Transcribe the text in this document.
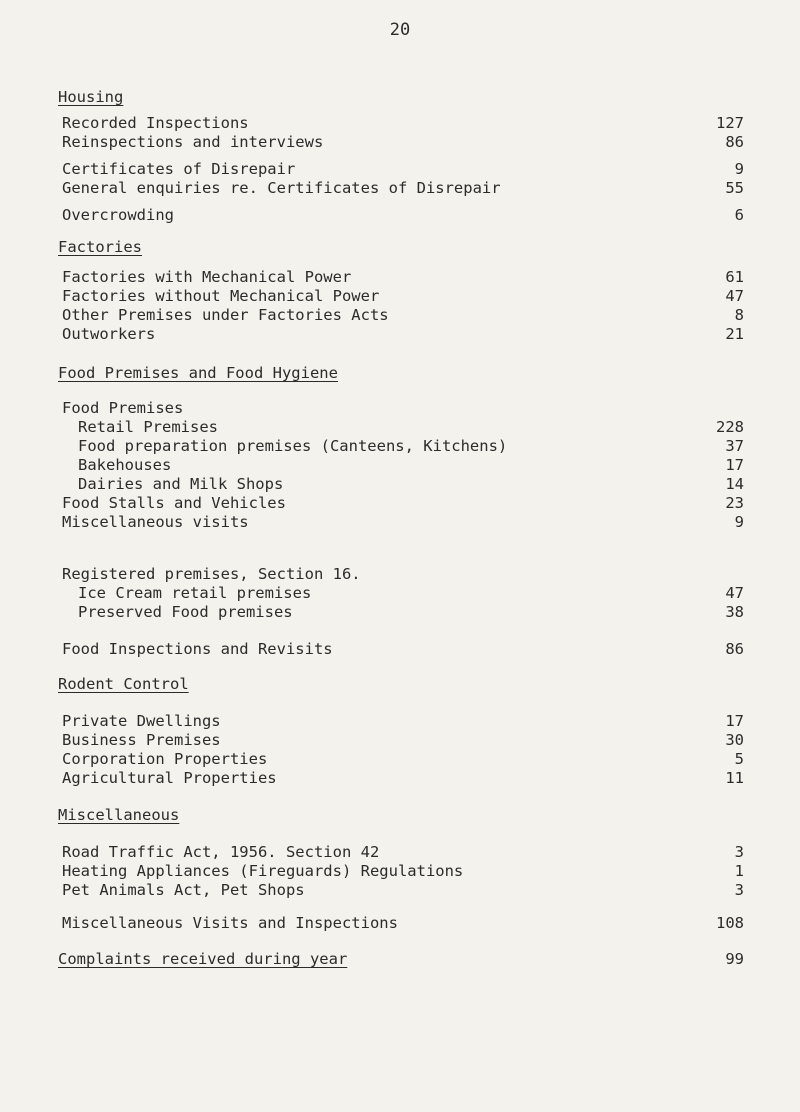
20
Housing
Recorded Inspections	127
Reinspections and interviews	86
Certificates of Disrepair	9
General enquiries re. Certificates of Disrepair	55
Overcrowding	6
Factories
Factories with Mechanical Power	61
Factories without Mechanical Power	47
Other Premises under Factories Acts	8
Outworkers	21
Food Premises and Food Hygiene
Food Premises
Retail Premises	228
Food preparation premises (Canteens, Kitchens)	37
Bakehouses	17
Dairies and Milk Shops	14
Food Stalls and Vehicles	23
Miscellaneous visits	9
Registered premises, Section 16.
Ice Cream retail premises	47
Preserved Food premises	38
Food Inspections and Revisits	86
Rodent Control
Private Dwellings	17
Business Premises	30
Corporation Properties	5
Agricultural Properties	11
Miscellaneous
Road Traffic Act, 1956. Section 42	3
Heating Appliances (Fireguards) Regulations	1
Pet Animals Act, Pet Shops	3
Miscellaneous Visits and Inspections	108
Complaints received during year	99
